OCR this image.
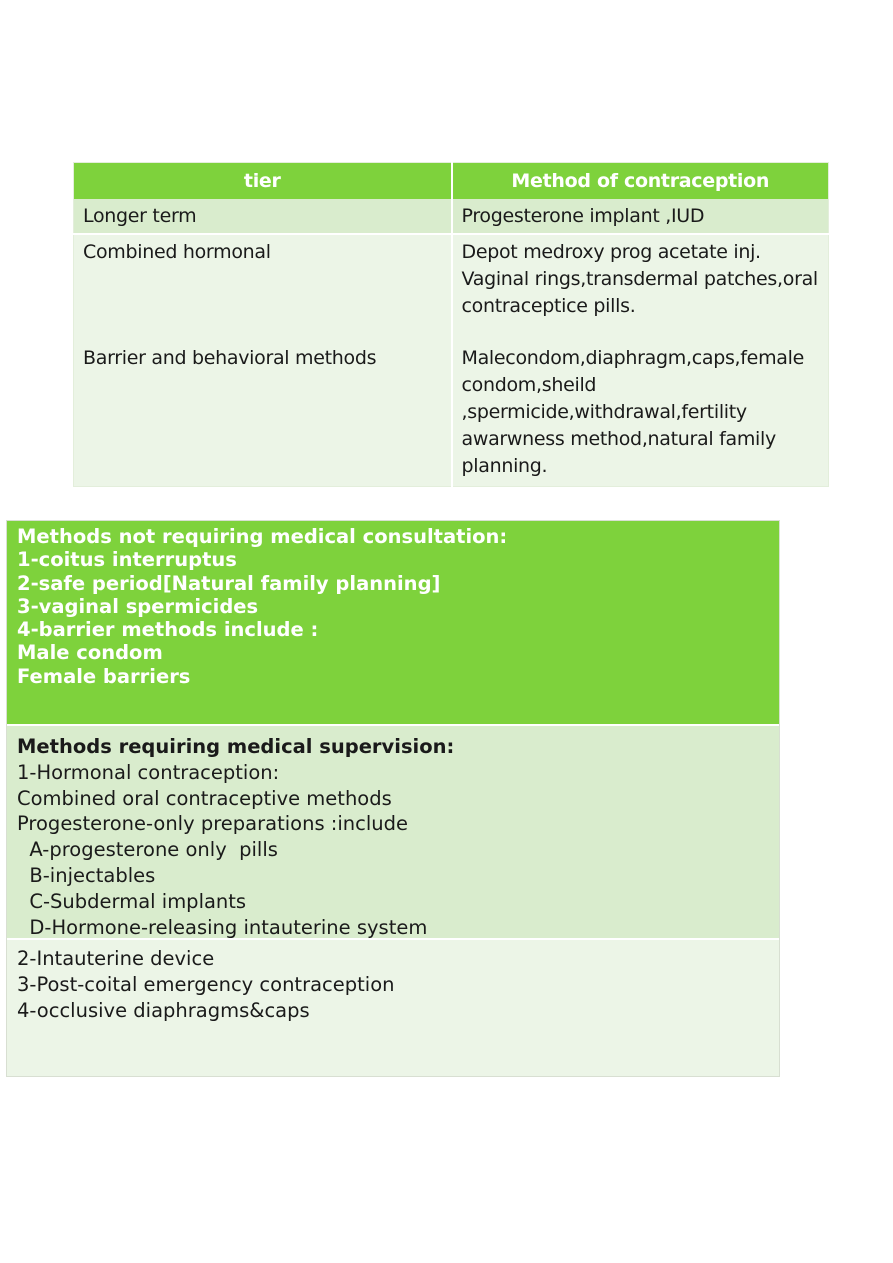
tier	Method of contraception
Longer term	Progesterone implant ,IUD
Combined hormonal	Depot medroxy prog acetate inj. Vaginal rings,transdermal patches,oral contraceptice pills.
Barrier and behavioral methods	Malecondom,diaphragm,caps,female condom,sheild ,spermicide,withdrawal,fertility awarwness method,natural family planning.
Methods not requiring medical consultation:
1-coitus interruptus
2-safe period[Natural family planning]
3-vaginal spermicides
4-barrier methods include :
Male condom
Female barriers
Methods requiring medical supervision:
1-Hormonal contraception:
Combined oral contraceptive methods
Progesterone-only preparations :include
A-progesterone only  pills
B-injectables
C-Subdermal implants
D-Hormone-releasing intauterine system
2-Intauterine device
3-Post-coital emergency contraception
4-occlusive diaphragms&caps
